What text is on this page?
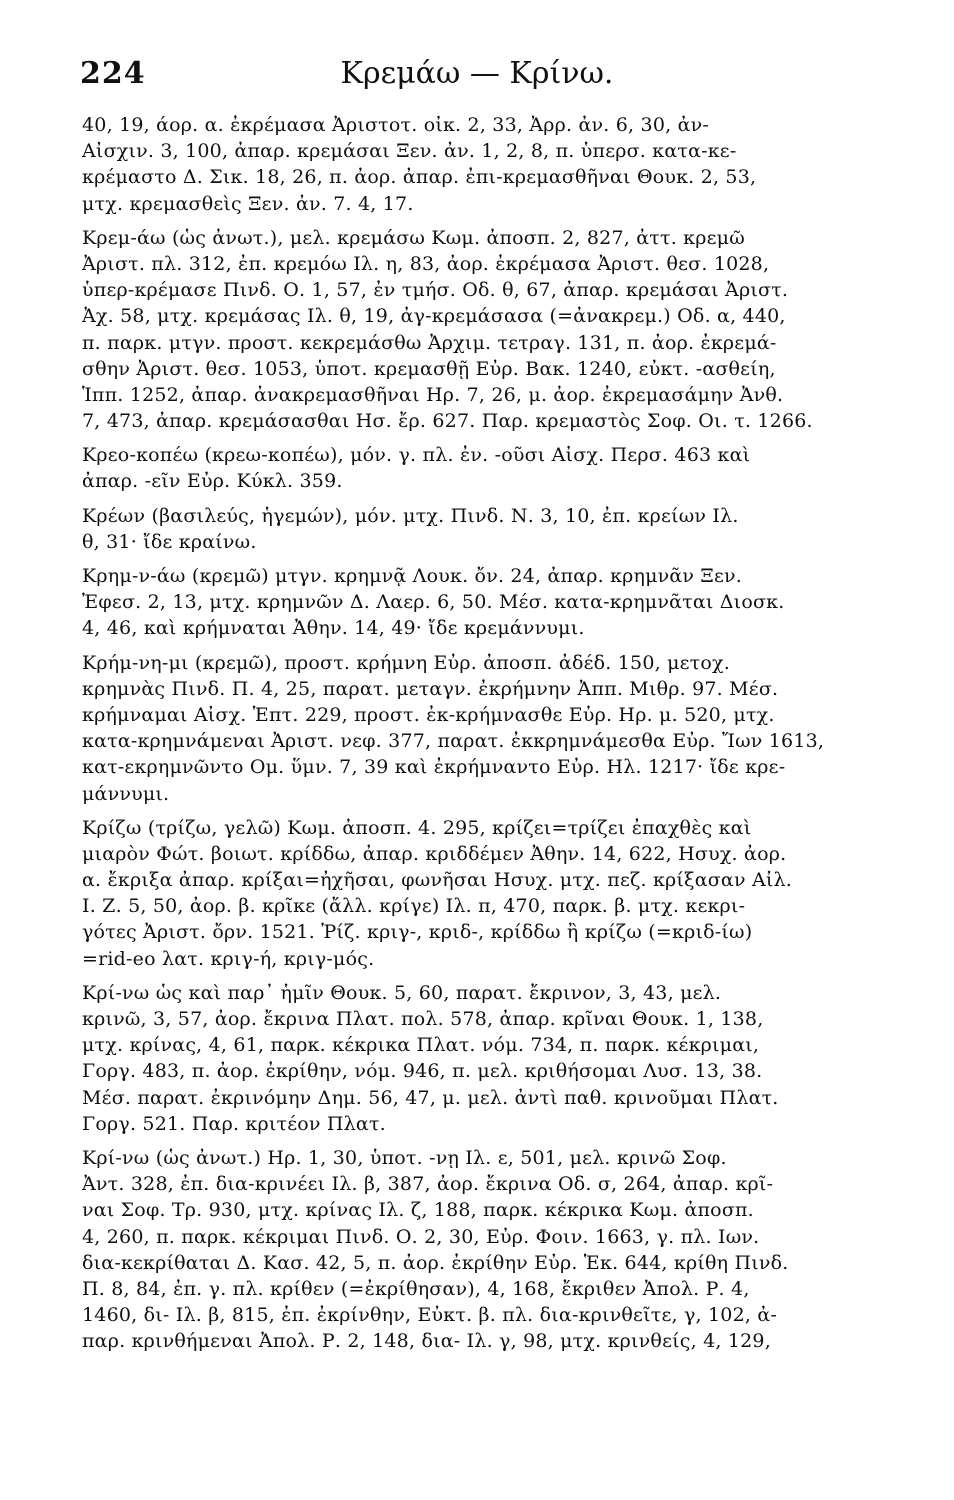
224	Κρεμάω — Κρίνω.
40, 19, άορ. α. ἐκρέμασα Ἀριστοτ. οἰκ. 2, 33, Ἀρρ. ἀν. 6, 30, ἀν-
Αἰσχιν. 3, 100, ἀπαρ. κρεμάσαι Ξεν. ἀν. 1, 2, 8, π. ὑπερσ. κατα-κε-
κρέμαστο Δ. Σικ. 18, 26, π. ἀορ. ἀπαρ. ἐπι-κρεμασθῆναι Θουκ. 2, 53,
μτχ. κρεμασθεὶς Ξεν. ἀν. 7. 4, 17.
Κρεμ-άω (ὡς ἀνωτ.), μελ. κρεμάσω Κωμ. ἀποσπ. 2, 827, ἀττ. κρεμῶ
Ἀριστ. πλ. 312, ἐπ. κρεμόω Ιλ. η, 83, ἀορ. ἐκρέμασα Ἀριστ. θεσ. 1028,
ὑπερ-κρέμασε Πινδ. Ο. 1, 57, ἐν τμήσ. Οδ. θ, 67, ἀπαρ. κρεμάσαι Ἀριστ.
Ἀχ. 58, μτχ. κρεμάσας Ιλ. θ, 19, ἀγ-κρεμάσασα (=ἀνακρεμ.) Οδ. α, 440,
π. παρκ. μτγν. προστ. κεκρεμάσθω Ἀρχιμ. τετραγ. 131, π. ἀορ. ἐκρεμά-
σθην Ἀριστ. θεσ. 1053, ὑποτ. κρεμασθῇ Εὐρ. Βακ. 1240, εὐκτ. -ασθείη,
Ἱππ. 1252, ἀπαρ. ἀνακρεμασθῆναι Ηρ. 7, 26, μ. ἀορ. ἐκρεμασάμην Ἀνθ.
7, 473, ἀπαρ. κρεμάσασθαι Ησ. ἔρ. 627. Παρ. κρεμαστὸς Σοφ. Οι. τ. 1266.
Κρεο-κοπέω (κρεω-κοπέω), μόν. γ. πλ. ἐν. -οῦσι Αἰσχ. Περσ. 463 καὶ
ἀπαρ. -εῖν Εὐρ. Κύκλ. 359.
Κρέων (βασιλεύς, ἡγεμών), μόν. μτχ. Πινδ. Ν. 3, 10, ἐπ. κρείων Ιλ.
θ, 31· ἴδε κραίνω.
Κρημ-ν-άω (κρεμῶ) μτγν. κρημνᾷ Λουκ. ὄν. 24, ἀπαρ. κρημνᾶν Ξεν.
Ἐφεσ. 2, 13, μτχ. κρημνῶν Δ. Λαερ. 6, 50. Μέσ. κατα-κρημνᾶται Διοσκ.
4, 46, καὶ κρήμναται Ἀθην. 14, 49· ἴδε κρεμάννυμι.
Κρήμ-νη-μι (κρεμῶ), προστ. κρήμνη Εὐρ. ἀποσπ. ἀδέδ. 150, μετοχ.
κρημνὰς Πινδ. Π. 4, 25, παρατ. μεταγν. ἐκρήμνην Ἀππ. Μιθρ. 97. Μέσ.
κρήμναμαι Αἰσχ. Ἑπτ. 229, προστ. ἐκ-κρήμνασθε Εὐρ. Ηρ. μ. 520, μτχ.
κατα-κρημνάμεναι Ἀριστ. νεφ. 377, παρατ. ἐκκρημνάμεσθα Εὐρ. Ἴων 1613,
κατ-εκρημνῶντο Ομ. ὕμν. 7, 39 καὶ ἐκρήμναντο Εὐρ. Ηλ. 1217· ἴδε κρε-
μάννυμι.
Κρίζω (τρίζω, γελῶ) Κωμ. ἀποσπ. 4. 295, κρίζει=τρίζει ἐπαχθὲς καὶ
μιαρὸν Φώτ. βοιωτ. κρίδδω, ἀπαρ. κριδδέμεν Ἀθην. 14, 622, Ησυχ. ἀορ.
α. ἔκριξα ἀπαρ. κρίξαι=ἠχῆσαι, φωνῆσαι Ησυχ. μτχ. πεζ. κρίξασαν Αἰλ.
Ι. Ζ. 5, 50, ἀορ. β. κρῖκε (ἄλλ. κρίγε) Ιλ. π, 470, παρκ. β. μτχ. κεκρι-
γότες Ἀριστ. ὄρν. 1521. Ῥίζ. κριγ-, κριδ-, κρίδδω ἢ κρίζω (=κριδ-ίω)
=rid-eo λατ. κριγ-ή, κριγ-μός.
Κρί-νω ὡς καὶ παρ᾽ ἡμῖν Θουκ. 5, 60, παρατ. ἔκρινον, 3, 43, μελ.
κρινῶ, 3, 57, ἀορ. ἔκρινα Πλατ. πολ. 578, ἀπαρ. κρῖναι Θουκ. 1, 138,
μτχ. κρίνας, 4, 61, παρκ. κέκρικα Πλατ. νόμ. 734, π. παρκ. κέκριμαι,
Γοργ. 483, π. ἀορ. ἐκρίθην, νόμ. 946, π. μελ. κριθήσομαι Λυσ. 13, 38.
Μέσ. παρατ. ἐκρινόμην Δημ. 56, 47, μ. μελ. ἀντὶ παθ. κρινοῦμαι Πλατ.
Γοργ. 521. Παρ. κριτέον Πλατ.
Κρί-νω (ὡς ἀνωτ.) Ηρ. 1, 30, ὑποτ. -νῃ Ιλ. ε, 501, μελ. κρινῶ Σοφ.
Ἀντ. 328, ἐπ. δια-κρινέει Ιλ. β, 387, ἀορ. ἔκρινα Οδ. σ, 264, ἀπαρ. κρῖ-
ναι Σοφ. Τρ. 930, μτχ. κρίνας Ιλ. ζ, 188, παρκ. κέκρικα Κωμ. ἀποσπ.
4, 260, π. παρκ. κέκριμαι Πινδ. Ο. 2, 30, Εὐρ. Φοιν. 1663, γ. πλ. Ιων.
δια-κεκρίθαται Δ. Κασ. 42, 5, π. ἀορ. ἐκρίθην Εὐρ. Ἑκ. 644, κρίθη Πινδ.
Π. 8, 84, ἐπ. γ. πλ. κρίθεν (=ἐκρίθησαν), 4, 168, ἔκριθεν Ἀπολ. Ρ. 4,
1460, δι- Ιλ. β, 815, ἐπ. ἐκρίνθην, Εὐκτ. β. πλ. δια-κρινθεῖτε, γ, 102, ἀ-
παρ. κρινθήμεναι Ἀπολ. Ρ. 2, 148, δια- Ιλ. γ, 98, μτχ. κρινθείς, 4, 129,
